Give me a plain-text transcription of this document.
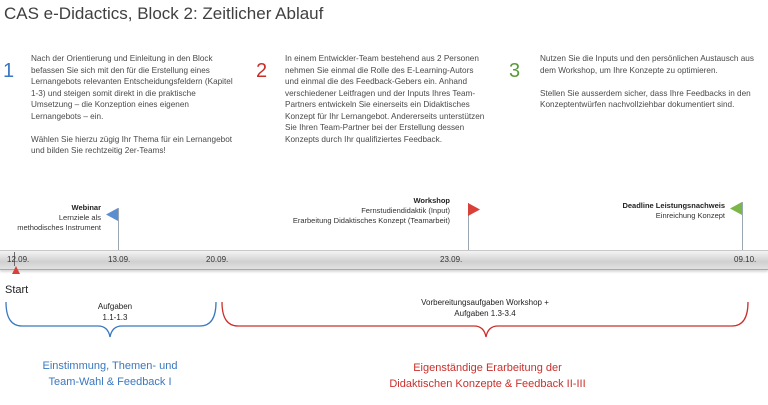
CAS e-Didactics, Block 2: Zeitlicher Ablauf
1

Nach der Orientierung und Einleitung in den Block befassen Sie sich mit den für die Erstellung eines Lernangebots relevanten Entscheidungsfeldern (Kapitel 1-3) und steigen somit direkt in die praktische Umsetzung – die Konzeption eines eigenen Lernangebots – ein.

Wählen Sie hierzu zügig Ihr Thema für ein Lernangebot und bilden Sie rechtzeitig 2er-Teams!

2

In einem Entwickler-Team bestehend aus 2 Personen nehmen Sie einmal die Rolle des E-Learning-Autors und einmal die des Feedback-Gebers ein. Anhand verschiedener Leitfragen und der Inputs Ihres Team-Partners entwickeln Sie einerseits ein Didaktisches Konzept für Ihr Lernangebot. Andererseits unterstützen Sie Ihren Team-Partner bei der Erstellung dessen Konzepts durch Ihr qualifiziertes Feedback.

3

Nutzen Sie die Inputs und den persönlichen Austausch aus dem Workshop, um Ihre Konzepte zu optimieren.

Stellen Sie ausserdem sicher, dass Ihre Feedbacks in den Konzeptentwürfen nachvollziehbar dokumentiert sind.

Webinar
Lernziele als
methodisches Instrument
Workshop
Fernstudiendidaktik (Input)
Erarbeitung Didaktisches Konzept (Teamarbeit)
Deadline Leistungsnachweis
Einreichung Konzept
12.09.	13.09.	20.09.	23.09.	09.10.
Start
Aufgaben
1.1-1.3
Vorbereitungsaufgaben Workshop +
Aufgaben 1.3-3.4
Einstimmung, Themen- und
Team-Wahl & Feedback I
Eigenständige Erarbeitung der
Didaktischen Konzepte & Feedback II-III
